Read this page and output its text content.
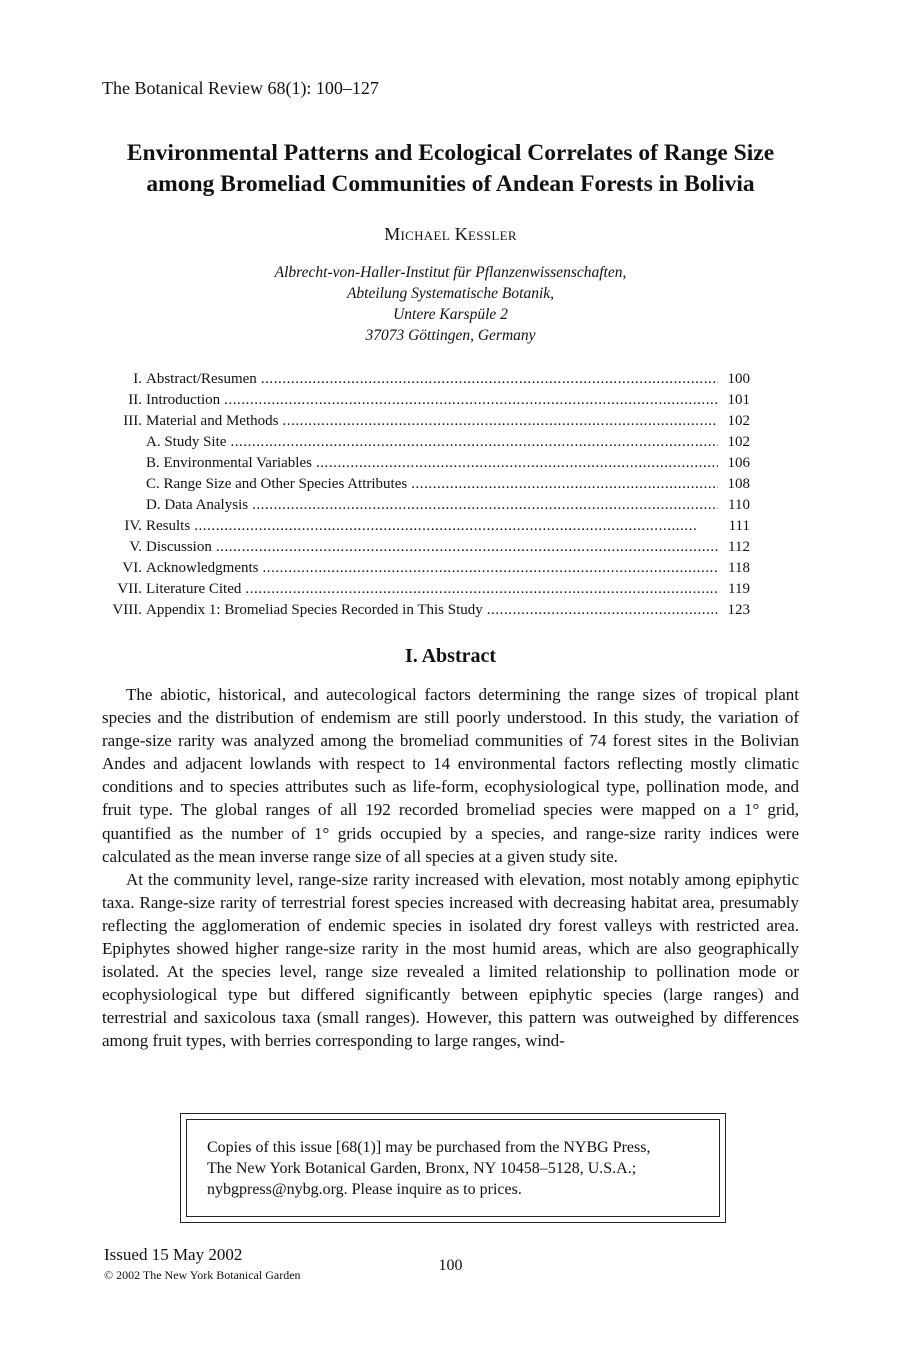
The Botanical Review 68(1): 100–127
Environmental Patterns and Ecological Correlates of Range Size
among Bromeliad Communities of Andean Forests in Bolivia
Michael Kessler
Albrecht-von-Haller-Institut für Pflanzenwissenschaften,
Abteilung Systematische Botanik,
Untere Karspüle 2
37073 Göttingen, Germany
I. Abstract/Resumen . . .	100
II. Introduction . . .	101
III. Material and Methods . . .	102
A. Study Site . . .	102
B. Environmental Variables . . .	106
C. Range Size and Other Species Attributes . . .	108
D. Data Analysis . . .	110
IV. Results . . .	111
V. Discussion . . .	112
VI. Acknowledgments . . .	118
VII. Literature Cited . . .	119
VIII. Appendix 1: Bromeliad Species Recorded in This Study . . .	123
I. Abstract

The abiotic, historical, and autecological factors determining the range sizes of tropical plant species and the distribution of endemism are still poorly understood. In this study, the variation of range-size rarity was analyzed among the bromeliad communities of 74 forest sites in the Bolivian Andes and adjacent lowlands with respect to 14 environmental factors reflecting mostly climatic conditions and to species attributes such as life-form, ecophysiological type, pollination mode, and fruit type. The global ranges of all 192 recorded bromeliad species were mapped on a 1° grid, quantified as the number of 1° grids occupied by a species, and range-size rarity indices were calculated as the mean inverse range size of all species at a given study site.

At the community level, range-size rarity increased with elevation, most notably among epiphytic taxa. Range-size rarity of terrestrial forest species increased with decreasing habitat area, presumably reflecting the agglomeration of endemic species in isolated dry forest valleys with restricted area. Epiphytes showed higher range-size rarity in the most humid areas, which are also geographically isolated. At the species level, range size revealed a limited relationship to pollination mode or ecophysiological type but differed significantly between epiphytic species (large ranges) and terrestrial and saxicolous taxa (small ranges). However, this pattern was outweighed by differences among fruit types, with berries corresponding to large ranges, wind-

Copies of this issue [68(1)] may be purchased from the NYBG Press,
The New York Botanical Garden, Bronx, NY 10458–5128, U.S.A.;
nybgpress@nybg.org. Please inquire as to prices.
Issued 15 May 2002
© 2002 The New York Botanical Garden
100
